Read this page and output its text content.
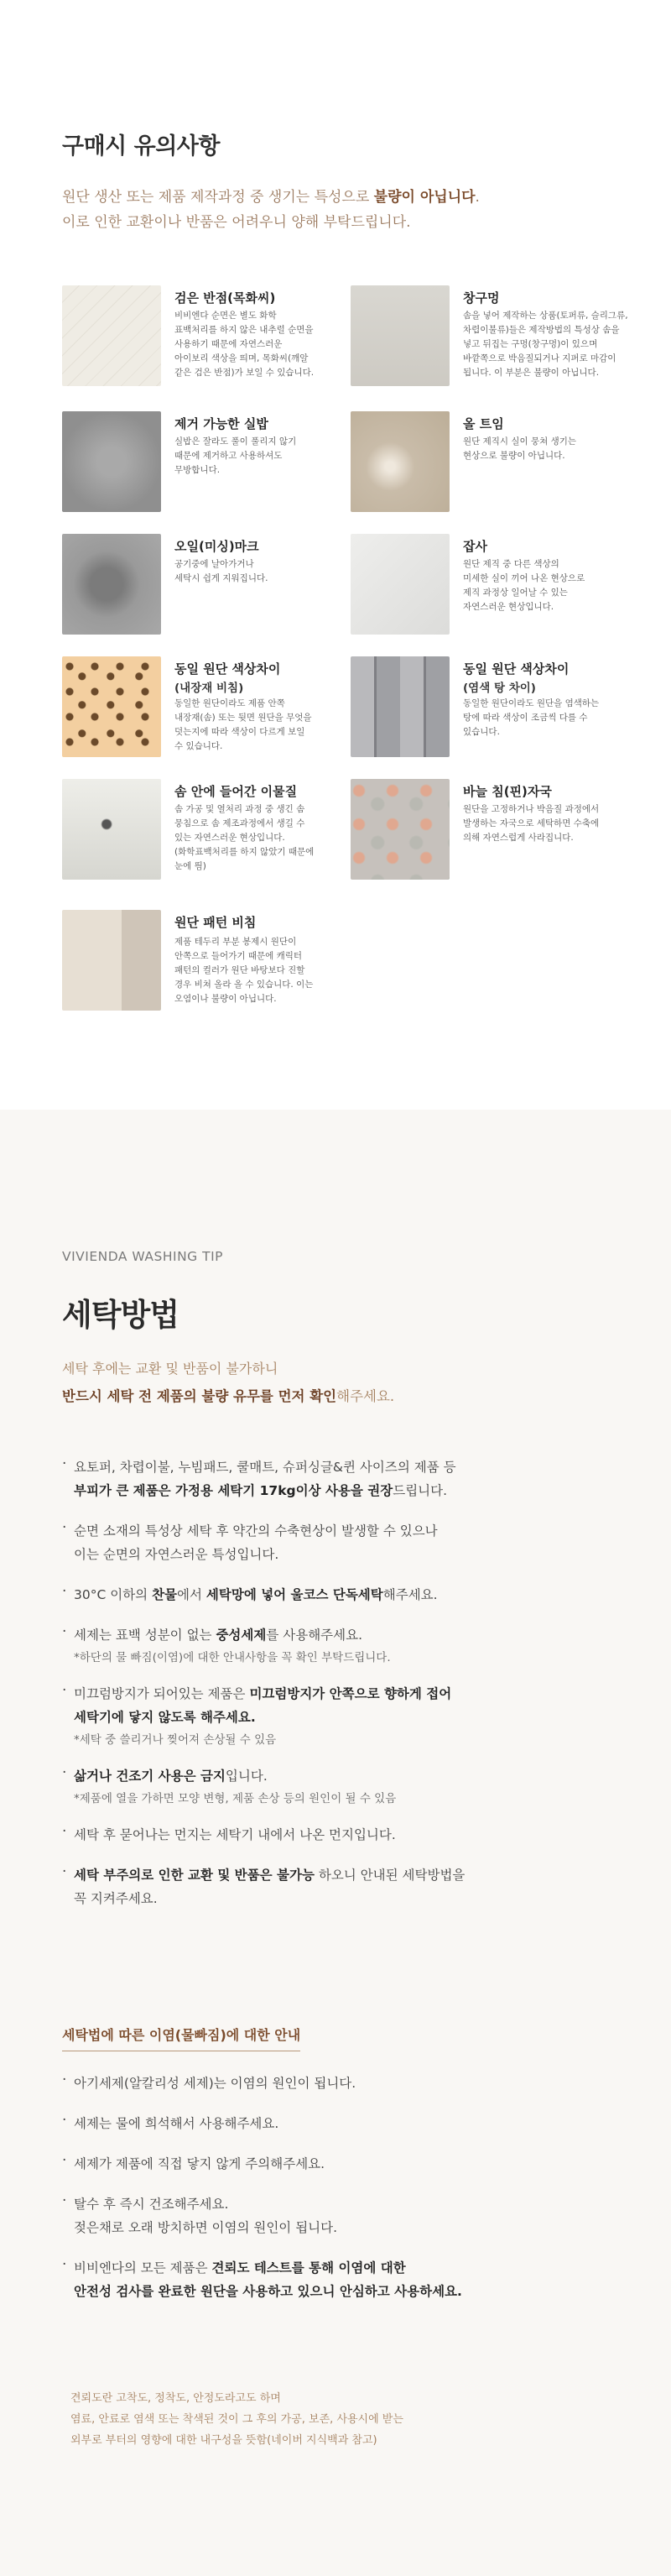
구매시 유의사항
원단 생산 또는 제품 제작과정 중 생기는 특성으로 불량이 아닙니다.
이로 인한 교환이나 반품은 어려우니 양해 부탁드립니다.
검은 반점(목화씨)
비비엔다 순면은 별도 화학
표백처리를 하지 않은 내추럴 순면을
사용하기 때문에 자연스러운
아이보리 색상을 띄며, 목화씨(깨알
같은 검은 반점)가 보일 수 있습니다.
창구멍
솜을 넣어 제작하는 상품(토퍼류, 슬리그류,
차렵이불류)들은 제작방법의 특성상 솜을
넣고 뒤집는 구멍(창구멍)이 있으며
바깥쪽으로 박음질되거나 지퍼로 마감이
됩니다. 이 부분은 불량이 아닙니다.
제거 가능한 실밥
실밥은 잘라도 풀이 풀리지 않기
때문에 제거하고 사용하셔도
무방합니다.
올 트임
원단 제직시 실이 뭉쳐 생기는
현상으로 불량이 아닙니다.
오일(미싱)마크
공기중에 날아가거나
세탁시 쉽게 지워집니다.
잡사
원단 제직 중 다른 색상의
미세한 실이 끼어 나온 현상으로
제직 과정상 일어날 수 있는
자연스러운 현상입니다.
동일 원단 색상차이
(내장재 비침)
동일한 원단이라도 제품 안쪽
내장재(솜) 또는 뒷면 원단을 무엇을
덧는지에 따라 색상이 다르게 보일
수 있습니다.
동일 원단 색상차이
(염색 탕 차이)
동일한 원단이라도 원단을 염색하는
탕에 따라 색상이 조금씩 다를 수
있습니다.
솜 안에 들어간 이물질
솜 가공 및 열처리 과정 중 생긴 솜
뭉침으로 솜 제조과정에서 생길 수
있는 자연스러운 현상입니다.
(화학표백처리를 하지 않았기 때문에
눈에 띔)
바늘 침(핀)자국
원단을 고정하거나 박음질 과정에서
발생하는 자국으로 세탁하면 수축에
의해 자연스럽게 사라집니다.
원단 패턴 비침
제품 테두리 부분 봉제시 원단이
안쪽으로 들어가기 때문에 캐릭터
패턴의 컬러가 원단 바탕보다 진할
경우 비쳐 올라 올 수 있습니다. 이는
오염이나 불량이 아닙니다.
VIVIENDA WASHING TIP
세탁방법
세탁 후에는 교환 및 반품이 불가하니
반드시 세탁 전 제품의 불량 유무를 먼저 확인해주세요.
· 요토퍼, 차렵이불, 누빔패드, 쿨매트, 슈퍼싱글&퀸 사이즈의 제품 등
부피가 큰 제품은 가정용 세탁기 17kg이상 사용을 권장드립니다.
· 순면 소재의 특성상 세탁 후 약간의 수축현상이 발생할 수 있으나
이는 순면의 자연스러운 특성입니다.
· 30°C 이하의 찬물에서 세탁망에 넣어 울코스 단독세탁해주세요.
· 세제는 표백 성분이 없는 중성세제를 사용해주세요.
*하단의 물 빠짐(이염)에 대한 안내사항을 꼭 확인 부탁드립니다.
· 미끄럼방지가 되어있는 제품은 미끄럼방지가 안쪽으로 향하게 접어
세탁기에 닿지 않도록 해주세요.
*세탁 중 쓸리거나 찢어져 손상될 수 있음
· 삶거나 건조기 사용은 금지입니다.
*제품에 열을 가하면 모양 변형, 제품 손상 등의 원인이 될 수 있음
· 세탁 후 묻어나는 먼지는 세탁기 내에서 나온 먼지입니다.
· 세탁 부주의로 인한 교환 및 반품은 불가능 하오니 안내된 세탁방법을
꼭 지켜주세요.
세탁법에 따른 이염(물빠짐)에 대한 안내
· 아기세제(알칼리성 세제)는 이염의 원인이 됩니다.
· 세제는 물에 희석해서 사용해주세요.
· 세제가 제품에 직접 닿지 않게 주의해주세요.
· 탈수 후 즉시 건조해주세요.
젖은채로 오래 방치하면 이염의 원인이 됩니다.
· 비비엔다의 모든 제품은 견뢰도 테스트를 통해 이염에 대한
안전성 검사를 완료한 원단을 사용하고 있으니 안심하고 사용하세요.
견뢰도란 고착도, 정착도, 안정도라고도 하며
염료, 안료로 염색 또는 착색된 것이 그 후의 가공, 보존, 사용시에 받는
외부로 부터의 영향에 대한 내구성을 뜻함(네이버 지식백과 참고)
